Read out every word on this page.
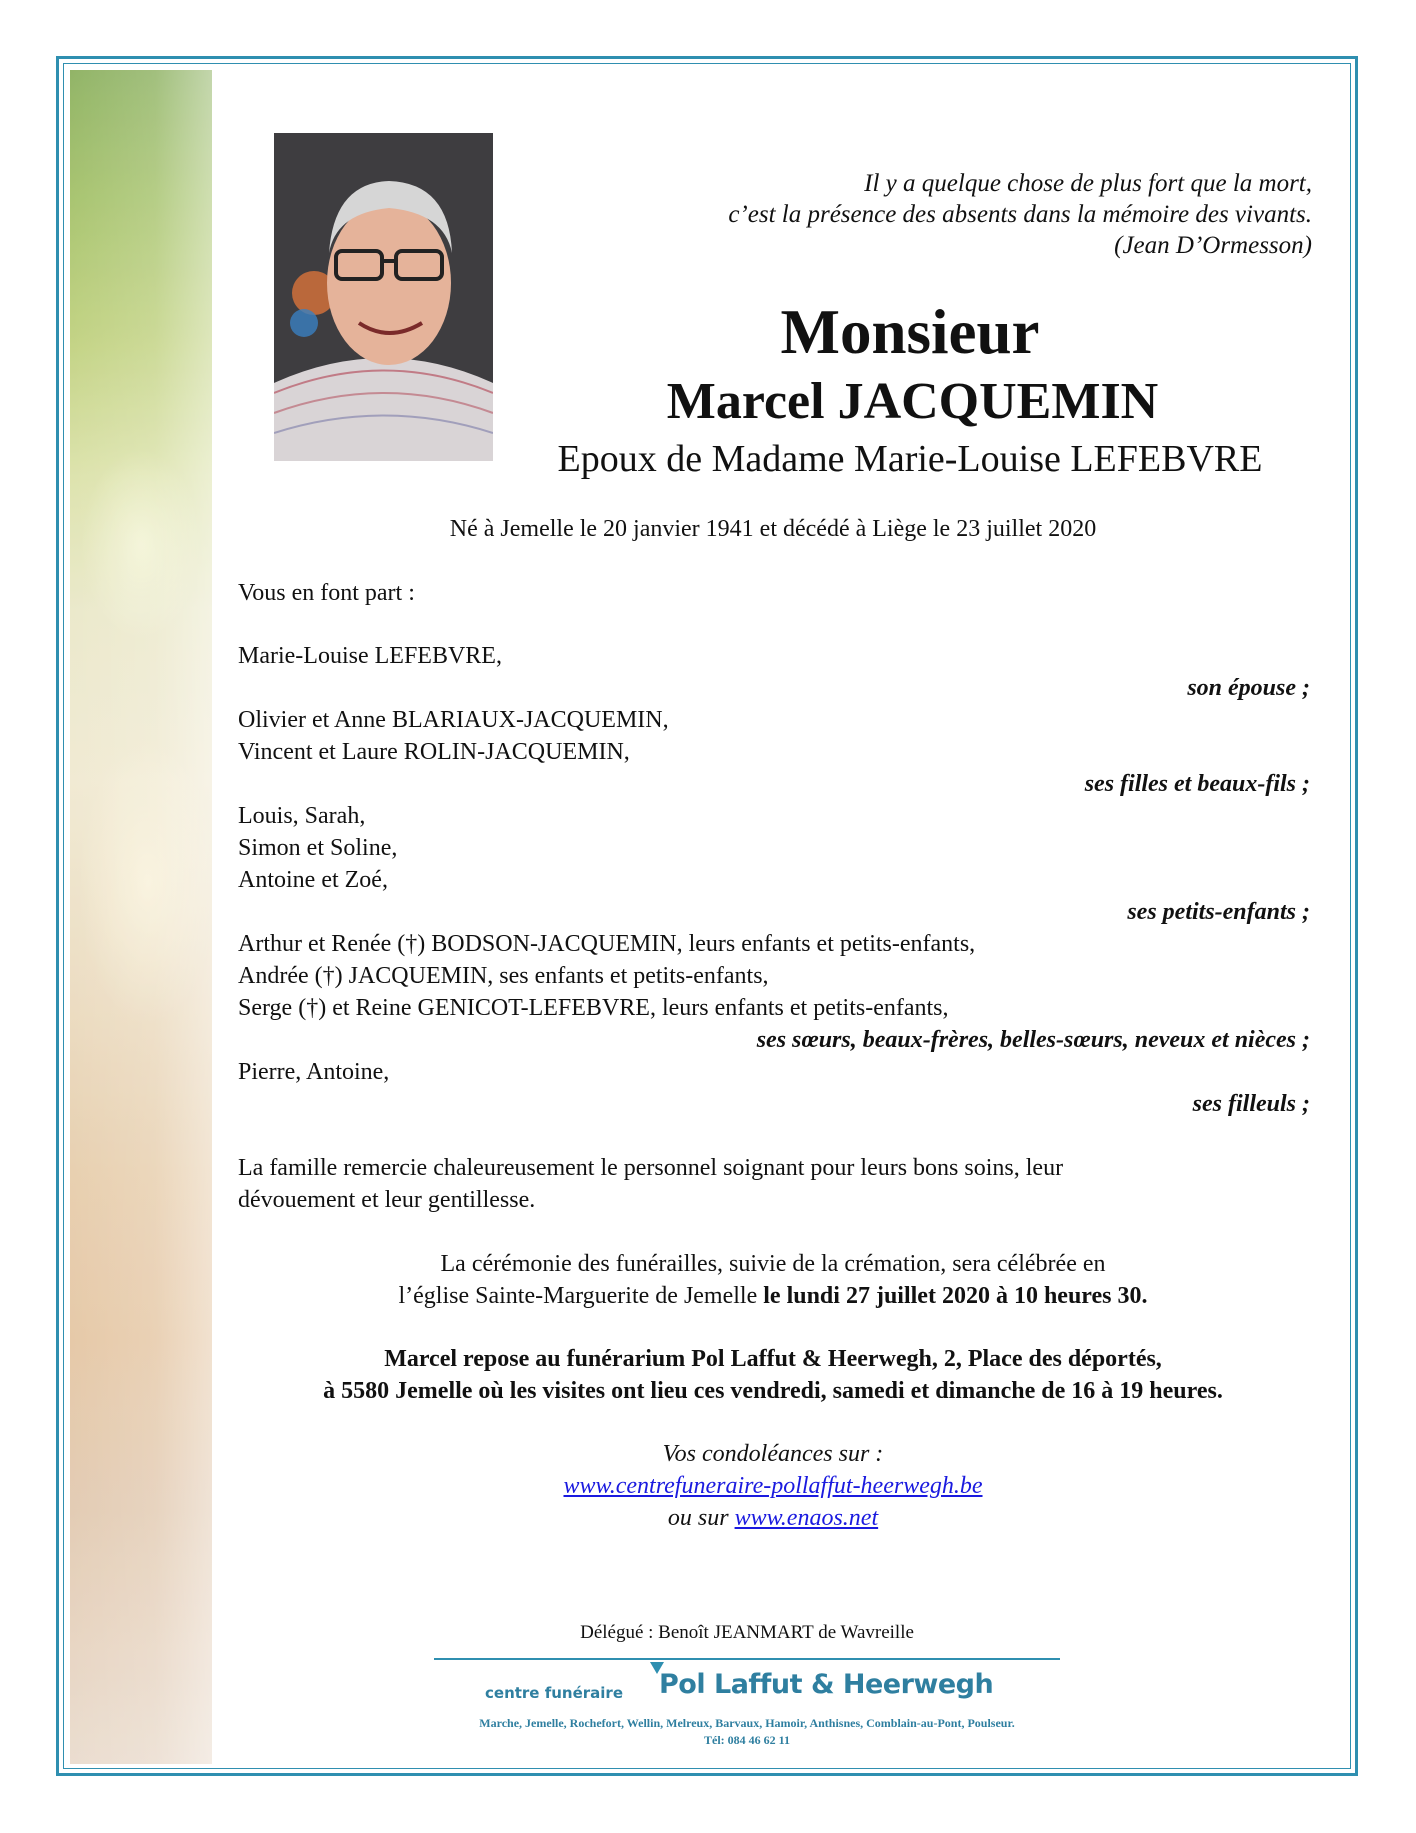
Il y a quelque chose de plus fort que la mort,
c’est la présence des absents dans la mémoire des vivants.
(Jean D’Ormesson)
Monsieur
Marcel JACQUEMIN
Epoux de Madame Marie-Louise LEFEBVRE
Né à Jemelle le 20 janvier 1941 et décédé à Liège le 23 juillet 2020
Vous en font part :
Marie-Louise LEFEBVRE,
son épouse ;
Olivier et Anne BLARIAUX-JACQUEMIN,
Vincent et Laure ROLIN-JACQUEMIN,
ses filles et beaux-fils ;
Louis, Sarah,
Simon et Soline,
Antoine et Zoé,
ses petits-enfants ;
Arthur et Renée (†) BODSON-JACQUEMIN, leurs enfants et petits-enfants,
Andrée (†) JACQUEMIN, ses enfants et petits-enfants,
Serge (†) et Reine GENICOT-LEFEBVRE, leurs enfants et petits-enfants,
ses sœurs, beaux-frères, belles-sœurs, neveux et nièces ;
Pierre, Antoine,
ses filleuls ;
La famille remercie chaleureusement le personnel soignant pour leurs bons soins, leur
dévouement et leur gentillesse.
La cérémonie des funérailles, suivie de la crémation, sera célébrée en
l’église Sainte-Marguerite de Jemelle le lundi 27 juillet 2020 à 10 heures 30.
Marcel repose au funérarium Pol Laffut & Heerwegh, 2, Place des déportés,
à 5580 Jemelle où les visites ont lieu ces vendredi, samedi et dimanche de 16 à 19 heures.
Vos condoléances sur :
www.centrefuneraire-pollaffut-heerwegh.be
ou sur www.enaos.net
Délégué : Benoît JEANMART de Wavreille
centre funéraire Pol Laffut & Heerwegh
Marche, Jemelle, Rochefort, Wellin, Melreux, Barvaux, Hamoir, Anthisnes, Comblain-au-Pont, Poulseur.
Tél: 084 46 62 11
